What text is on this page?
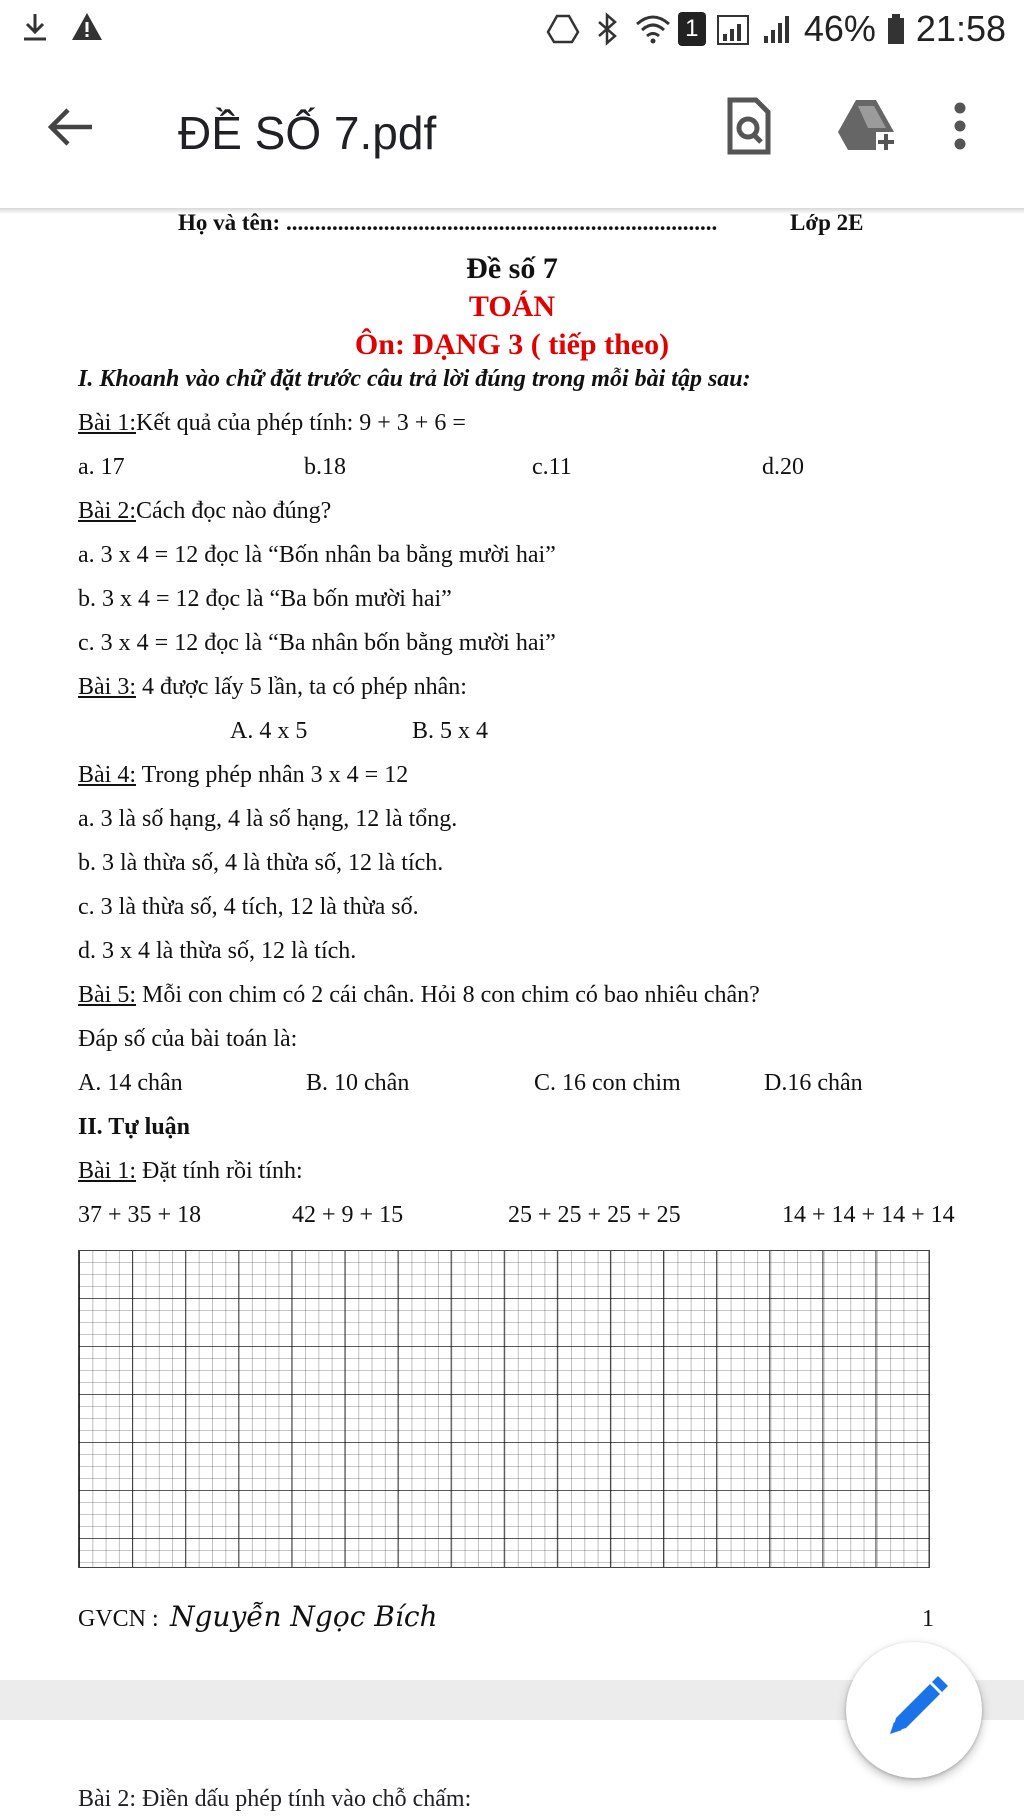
1	46% 21:58
ĐỀ SỐ 7.pdf
Họ và tên: ...........................................................................	Lớp 2E
Đề số 7
TOÁN
Ôn: DẠNG 3 ( tiếp theo)
I. Khoanh vào chữ đặt trước câu trả lời đúng trong mỗi bài tập sau:
Bài 1:Kết quả của phép tính: 9 + 3 + 6 =
a. 17	b.18	c.11	d.20
Bài 2:Cách đọc nào đúng?
a. 3 x 4 = 12 đọc là “Bốn nhân ba bằng mười hai”
b. 3 x 4 = 12 đọc là “Ba bốn mười hai”
c. 3 x 4 = 12 đọc là “Ba nhân bốn bằng mười hai”
Bài 3: 4 được lấy 5 lần, ta có phép nhân:
A. 4 x 5	B. 5 x 4
Bài 4: Trong phép nhân 3 x 4 = 12
a. 3 là số hạng, 4 là số hạng, 12 là tổng.
b. 3 là thừa số, 4 là thừa số, 12 là tích.
c. 3 là thừa số, 4 tích, 12 là thừa số.
d. 3 x 4 là thừa số, 12 là tích.
Bài 5: Mỗi con chim có 2 cái chân. Hỏi 8 con chim có bao nhiêu chân?
Đáp số của bài toán là:
A. 14 chân	B. 10 chân	C. 16 con chim	D.16 chân
II. Tự luận
Bài 1: Đặt tính rồi tính:
37 + 35 + 18	42 + 9 + 15	25 + 25 + 25 + 25	14 + 14 + 14 + 14
GVCN : Nguyễn Ngọc Bích	1
Bài 2: Điền dấu phép tính vào chỗ chấm:
